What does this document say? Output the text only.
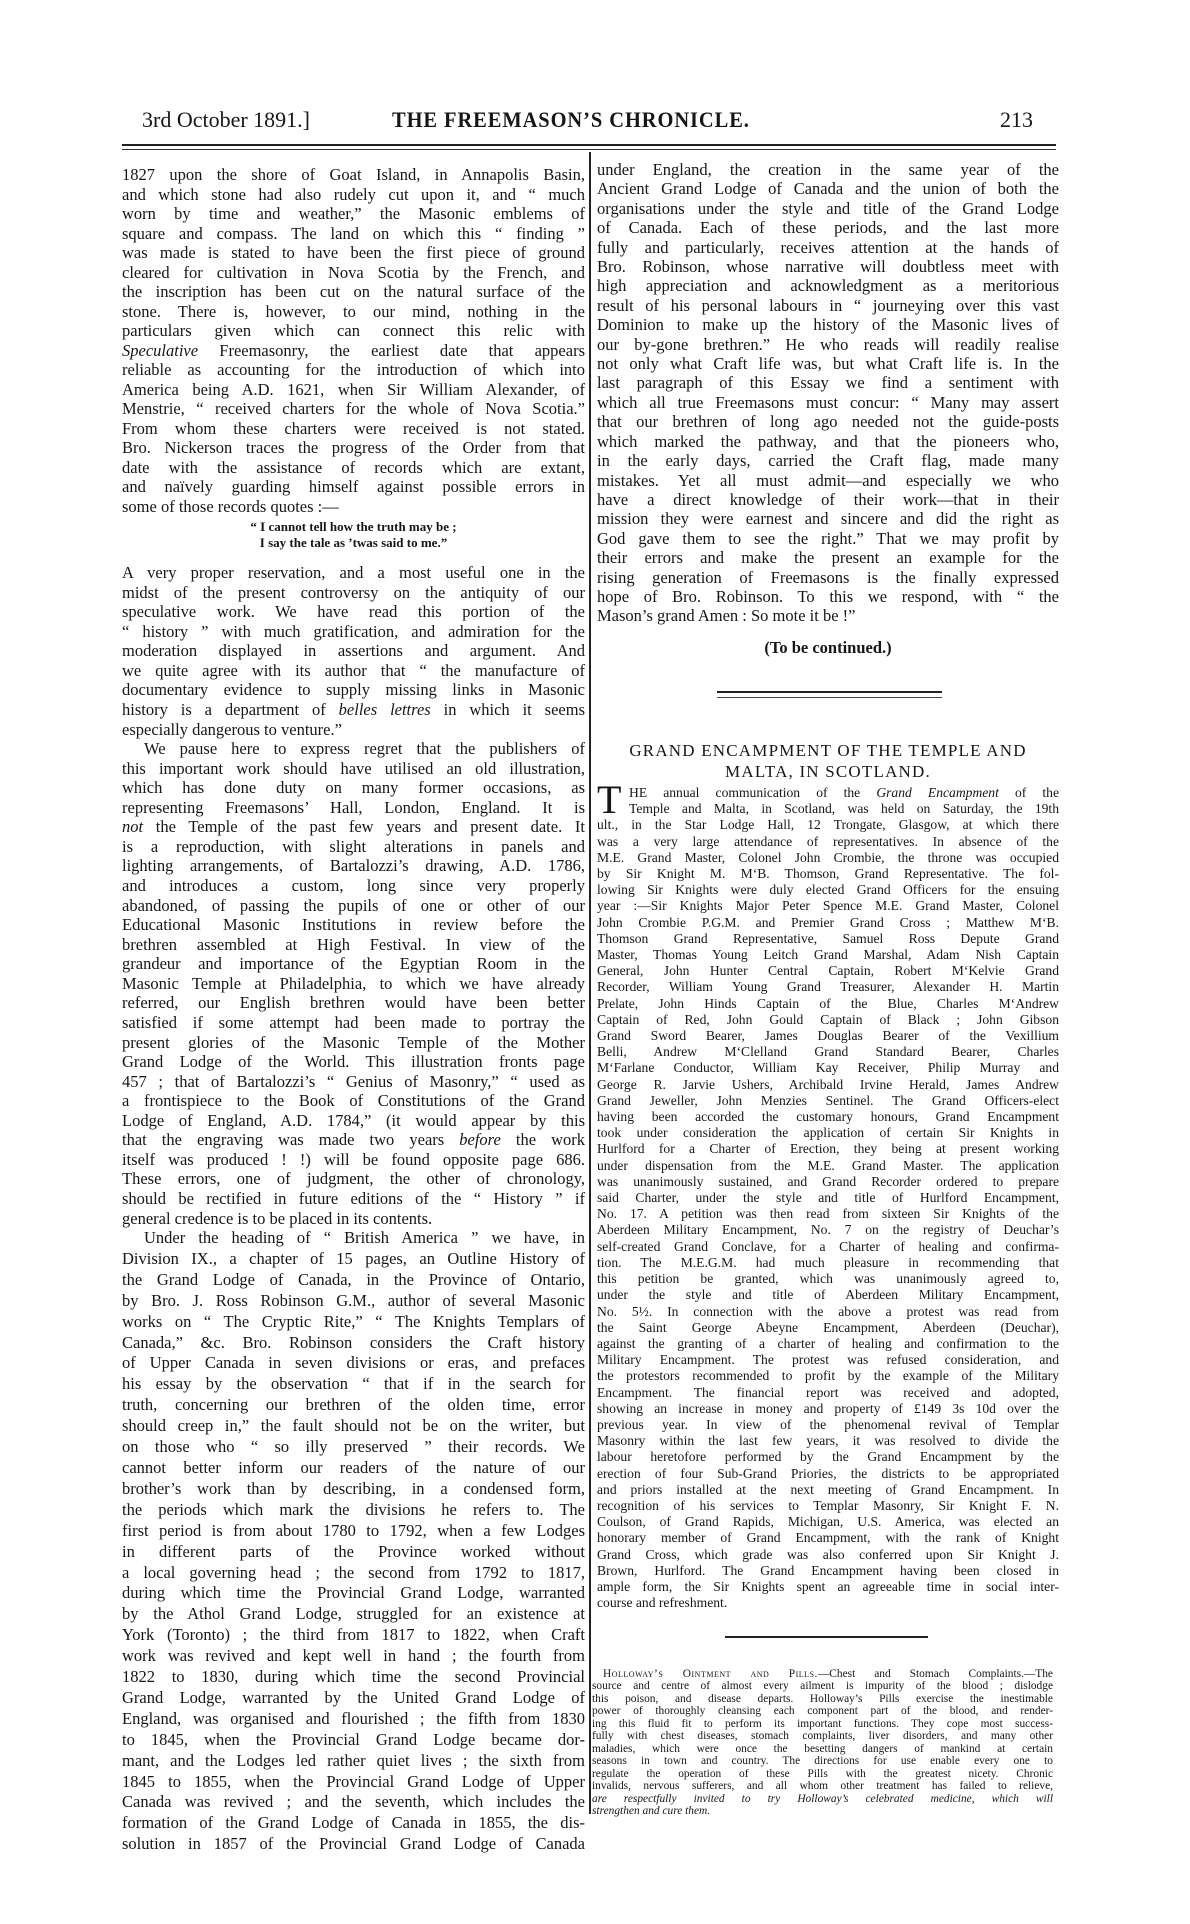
3rd October 1891.]	THE FREEMASON’S CHRONICLE.	213
1827 upon the shore of Goat Island, in Annapolis Basin,
and which stone had also rudely cut upon it, and “ much
worn by time and weather,” the Masonic emblems of
square and compass. The land on which this “ finding ”
was made is stated to have been the first piece of ground
cleared for cultivation in Nova Scotia by the French, and
the inscription has been cut on the natural surface of the
stone. There is, however, to our mind, nothing in the
particulars given which can connect this relic with
Speculative Freemasonry, the earliest date that appears
reliable as accounting for the introduction of which into
America being A.D. 1621, when Sir William Alexander, of
Menstrie, “ received charters for the whole of Nova Scotia.”
From whom these charters were received is not stated.
Bro. Nickerson traces the progress of the Order from that
date with the assistance of records which are extant,
and naïvely guarding himself against possible errors in
some of those records quotes :—
“ I cannot tell how the truth may be ;
I say the tale as ’twas said to me.”
A very proper reservation, and a most useful one in the
midst of the present controversy on the antiquity of our
speculative work. We have read this portion of the
“ history ” with much gratification, and admiration for the
moderation displayed in assertions and argument. And
we quite agree with its author that “ the manufacture of
documentary evidence to supply missing links in Masonic
history is a department of belles lettres in which it seems
especially dangerous to venture.”
We pause here to express regret that the publishers of
this important work should have utilised an old illustration,
which has done duty on many former occasions, as
representing Freemasons’ Hall, London, England. It is
not the Temple of the past few years and present date. It
is a reproduction, with slight alterations in panels and
lighting arrangements, of Bartalozzi’s drawing, A.D. 1786,
and introduces a custom, long since very properly
abandoned, of passing the pupils of one or other of our
Educational Masonic Institutions in review before the
brethren assembled at High Festival. In view of the
grandeur and importance of the Egyptian Room in the
Masonic Temple at Philadelphia, to which we have already
referred, our English brethren would have been better
satisfied if some attempt had been made to portray the
present glories of the Masonic Temple of the Mother
Grand Lodge of the World. This illustration fronts page
457 ; that of Bartalozzi’s “ Genius of Masonry,” “ used as
a frontispiece to the Book of Constitutions of the Grand
Lodge of England, A.D. 1784,” (it would appear by this
that the engraving was made two years before the work
itself was produced ! !) will be found opposite page 686.
These errors, one of judgment, the other of chronology,
should be rectified in future editions of the “ History ” if
general credence is to be placed in its contents.
Under the heading of “ British America ” we have, in
Division IX., a chapter of 15 pages, an Outline History of
the Grand Lodge of Canada, in the Province of Ontario,
by Bro. J. Ross Robinson G.M., author of several Masonic
works on “ The Cryptic Rite,” “ The Knights Templars of
Canada,” &c. Bro. Robinson considers the Craft history
of Upper Canada in seven divisions or eras, and prefaces
his essay by the observation “ that if in the search for
truth, concerning our brethren of the olden time, error
should creep in,” the fault should not be on the writer, but
on those who “ so illy preserved ” their records. We
cannot better inform our readers of the nature of our
brother’s work than by describing, in a condensed form,
the periods which mark the divisions he refers to. The
first period is from about 1780 to 1792, when a few Lodges
in different parts of the Province worked without
a local governing head ; the second from 1792 to 1817,
during which time the Provincial Grand Lodge, warranted
by the Athol Grand Lodge, struggled for an existence at
York (Toronto) ; the third from 1817 to 1822, when Craft
work was revived and kept well in hand ; the fourth from
1822 to 1830, during which time the second Provincial
Grand Lodge, warranted by the United Grand Lodge of
England, was organised and flourished ; the fifth from 1830
to 1845, when the Provincial Grand Lodge became dor-
mant, and the Lodges led rather quiet lives ; the sixth from
1845 to 1855, when the Provincial Grand Lodge of Upper
Canada was revived ; and the seventh, which includes the
formation of the Grand Lodge of Canada in 1855, the dis-
solution in 1857 of the Provincial Grand Lodge of Canada
under England, the creation in the same year of the
Ancient Grand Lodge of Canada and the union of both the
organisations under the style and title of the Grand Lodge
of Canada. Each of these periods, and the last more
fully and particularly, receives attention at the hands of
Bro. Robinson, whose narrative will doubtless meet with
high appreciation and acknowledgment as a meritorious
result of his personal labours in “ journeying over this vast
Dominion to make up the history of the Masonic lives of
our by-gone brethren.” He who reads will readily realise
not only what Craft life was, but what Craft life is. In the
last paragraph of this Essay we find a sentiment with
which all true Freemasons must concur: “ Many may assert
that our brethren of long ago needed not the guide-posts
which marked the pathway, and that the pioneers who,
in the early days, carried the Craft flag, made many
mistakes. Yet all must admit—and especially we who
have a direct knowledge of their work—that in their
mission they were earnest and sincere and did the right as
God gave them to see the right.” That we may profit by
their errors and make the present an example for the
rising generation of Freemasons is the finally expressed
hope of Bro. Robinson. To this we respond, with “ the
Mason’s grand Amen : So mote it be !”
(To be continued.)
GRAND ENCAMPMENT OF THE TEMPLE AND
MALTA, IN SCOTLAND.
T HE annual communication of the Grand Encampment of the
Temple and Malta, in Scotland, was held on Saturday, the 19th
ult., in the Star Lodge Hall, 12 Trongate, Glasgow, at which there
was a very large attendance of representatives. In absence of the
M.E. Grand Master, Colonel John Crombie, the throne was occupied
by Sir Knight M. M‘B. Thomson, Grand Representative. The fol-
lowing Sir Knights were duly elected Grand Officers for the ensuing
year :—Sir Knights Major Peter Spence M.E. Grand Master, Colonel
John Crombie P.G.M. and Premier Grand Cross ; Matthew M‘B.
Thomson Grand Representative, Samuel Ross Depute Grand
Master, Thomas Young Leitch Grand Marshal, Adam Nish Captain
General, John Hunter Central Captain, Robert M‘Kelvie Grand
Recorder, William Young Grand Treasurer, Alexander H. Martin
Prelate, John Hinds Captain of the Blue, Charles M‘Andrew
Captain of Red, John Gould Captain of Black ; John Gibson
Grand Sword Bearer, James Douglas Bearer of the Vexillium
Belli, Andrew M‘Clelland Grand Standard Bearer, Charles
M‘Farlane Conductor, William Kay Receiver, Philip Murray and
George R. Jarvie Ushers, Archibald Irvine Herald, James Andrew
Grand Jeweller, John Menzies Sentinel. The Grand Officers-elect
having been accorded the customary honours, Grand Encampment
took under consideration the application of certain Sir Knights in
Hurlford for a Charter of Erection, they being at present working
under dispensation from the M.E. Grand Master. The application
was unanimously sustained, and Grand Recorder ordered to prepare
said Charter, under the style and title of Hurlford Encampment,
No. 17. A petition was then read from sixteen Sir Knights of the
Aberdeen Military Encampment, No. 7 on the registry of Deuchar’s
self-created Grand Conclave, for a Charter of healing and confirma-
tion. The M.E.G.M. had much pleasure in recommending that
this petition be granted, which was unanimously agreed to,
under the style and title of Aberdeen Military Encampment,
No. 5½. In connection with the above a protest was read from
the Saint George Abeyne Encampment, Aberdeen (Deuchar),
against the granting of a charter of healing and confirmation to the
Military Encampment. The protest was refused consideration, and
the protestors recommended to profit by the example of the Military
Encampment. The financial report was received and adopted,
showing an increase in money and property of £149 3s 10d over the
previous year. In view of the phenomenal revival of Templar
Masonry within the last few years, it was resolved to divide the
labour heretofore performed by the Grand Encampment by the
erection of four Sub-Grand Priories, the districts to be appropriated
and priors installed at the next meeting of Grand Encampment. In
recognition of his services to Templar Masonry, Sir Knight F. N.
Coulson, of Grand Rapids, Michigan, U.S. America, was elected an
honorary member of Grand Encampment, with the rank of Knight
Grand Cross, which grade was also conferred upon Sir Knight J.
Brown, Hurlford. The Grand Encampment having been closed in
ample form, the Sir Knights spent an agreeable time in social inter-
course and refreshment.
Holloway’s Ointment and Pills.—Chest and Stomach Complaints.—The
source and centre of almost every ailment is impurity of the blood ; dislodge
this poison, and disease departs. Holloway’s Pills exercise the inestimable
power of thoroughly cleansing each component part of the blood, and render-
ing this fluid fit to perform its important functions. They cope most success-
fully with chest diseases, stomach complaints, liver disorders, and many other
maladies, which were once the besetting dangers of mankind at certain
seasons in town and country. The directions for use enable every one to
regulate the operation of these Pills with the greatest nicety. Chronic
invalids, nervous sufferers, and all whom other treatment has failed to relieve,
are respectfully invited to try Holloway’s celebrated medicine, which will
strengthen and cure them.
